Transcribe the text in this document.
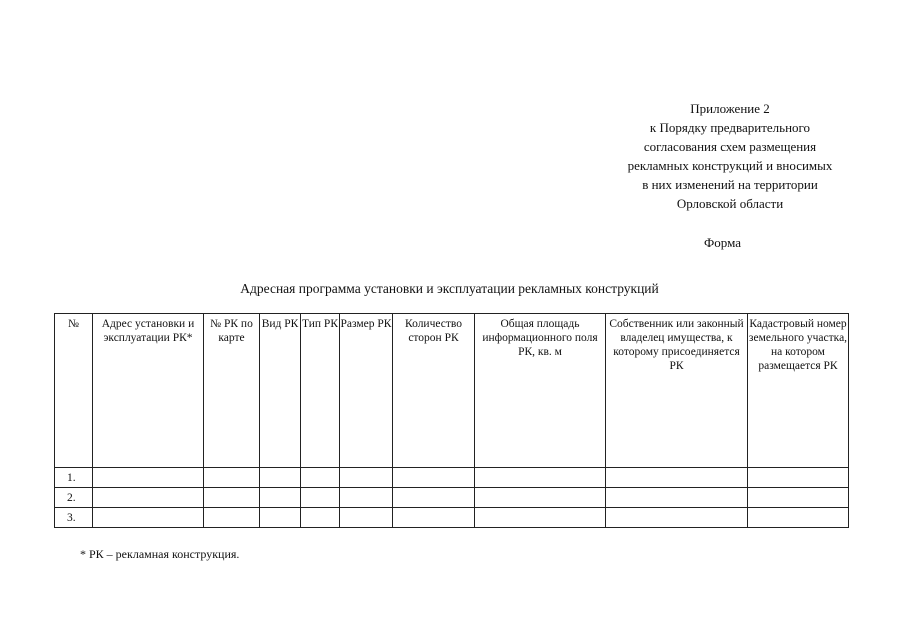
Приложение 2
к Порядку предварительного
согласования схем размещения
рекламных конструкций и вносимых
в них изменений на территории
Орловской области
Форма
Адресная программа установки и эксплуатации рекламных конструкций
№	Адрес установки и эксплуатации РК*	№ РК по карте	Вид РК	Тип РК	Размер РК	Количество сторон РК	Общая площадь информационного поля РК, кв. м	Собственник или законный владелец имущества, к которому присоединяется РК	Кадастровый номер земельного участка, на котором размещается РК
1.									
2.									
3.									
* РК – рекламная конструкция.
